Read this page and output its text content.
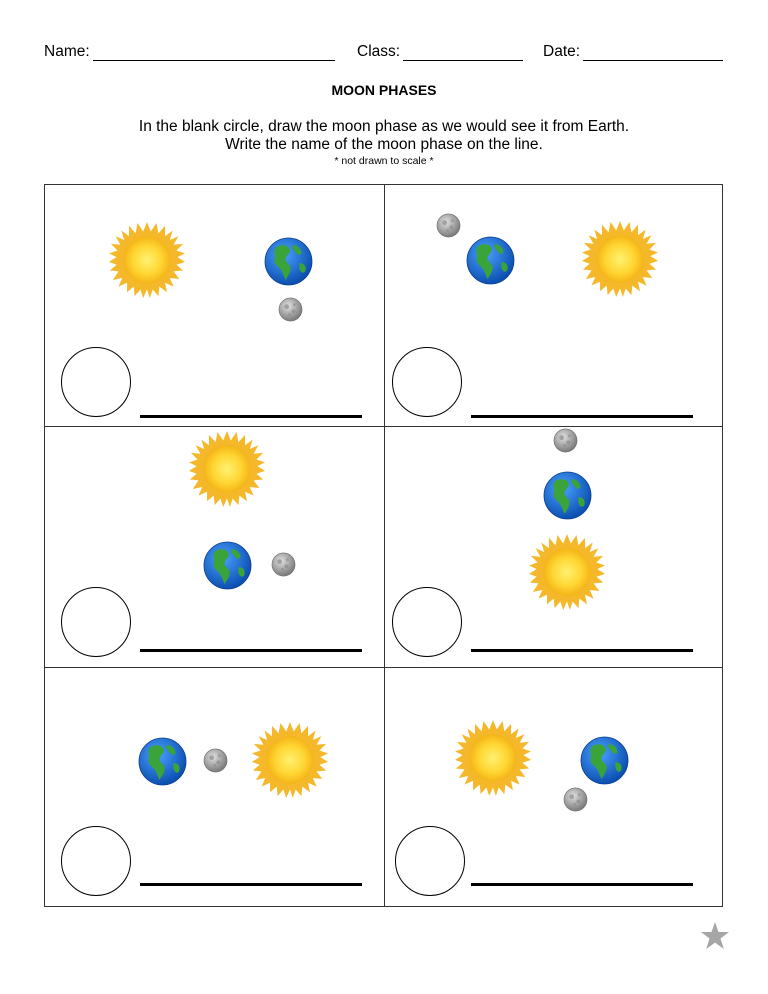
Name:	Class:	Date:
MOON PHASES
In the blank circle, draw the moon phase as we would see it from Earth.
Write the name of the moon phase on the line.
* not drawn to scale *
